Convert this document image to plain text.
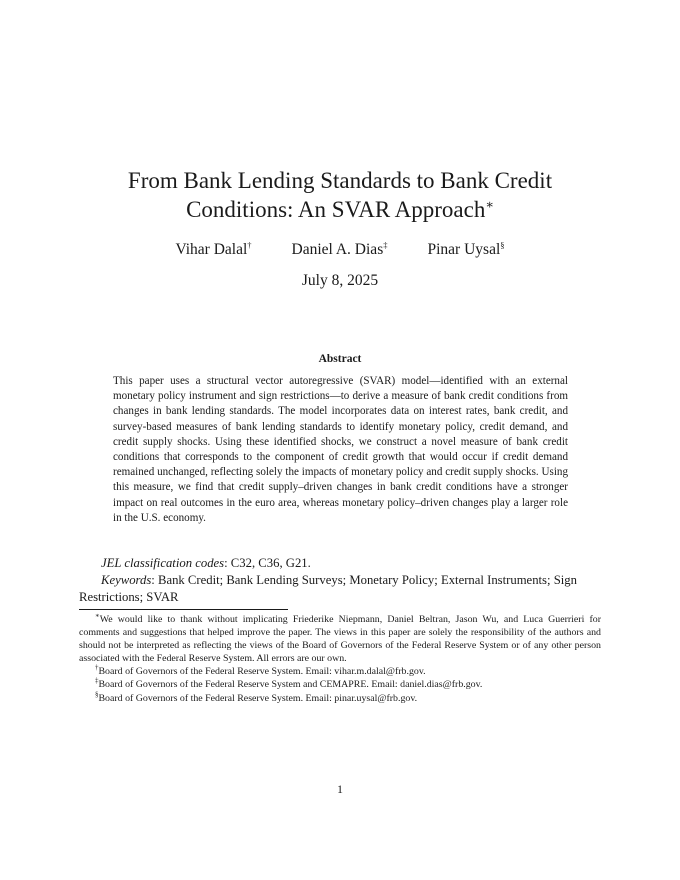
From Bank Lending Standards to Bank Credit
Conditions: An SVAR Approach∗
Vihar Dalal†	Daniel A. Dias‡	Pinar Uysal§
July 8, 2025
Abstract

This paper uses a structural vector autoregressive (SVAR) model—identified with an external monetary policy instrument and sign restrictions—to derive a measure of bank credit conditions from changes in bank lending standards. The model incorporates data on interest rates, bank credit, and survey-based measures of bank lending standards to identify monetary policy, credit demand, and credit supply shocks. Using these identified shocks, we construct a novel measure of bank credit conditions that corresponds to the component of credit growth that would occur if credit demand remained unchanged, reflecting solely the impacts of monetary policy and credit supply shocks. Using this measure, we find that credit supply–driven changes in bank credit conditions have a stronger impact on real outcomes in the euro area, whereas monetary policy–driven changes play a larger role in the U.S. economy.

JEL classification codes: C32, C36, G21.

Keywords: Bank Credit; Bank Lending Surveys; Monetary Policy; External Instruments; Sign Restrictions; SVAR

∗We would like to thank without implicating Friederike Niepmann, Daniel Beltran, Jason Wu, and Luca Guerrieri for comments and suggestions that helped improve the paper. The views in this paper are solely the responsibility of the authors and should not be interpreted as reflecting the views of the Board of Governors of the Federal Reserve System or of any other person associated with the Federal Reserve System. All errors are our own.

†Board of Governors of the Federal Reserve System. Email: vihar.m.dalal@frb.gov.

‡Board of Governors of the Federal Reserve System and CEMAPRE. Email: daniel.dias@frb.gov.

§Board of Governors of the Federal Reserve System. Email: pinar.uysal@frb.gov.

1
